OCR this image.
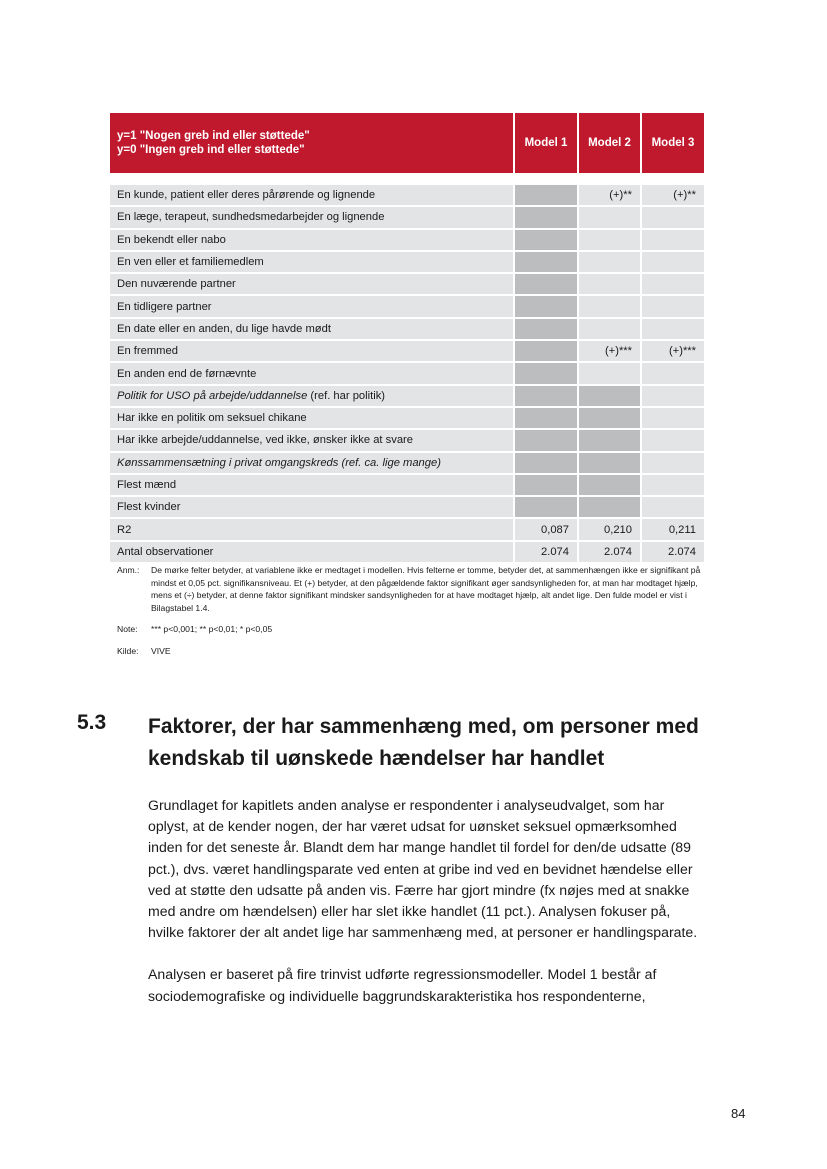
y=1 "Nogen greb ind eller støttede"
y=0 "Ingen greb ind eller støttede"	Model 1	Model 2	Model 3

En kunde, patient eller deres pårørende og lignende		(+)**	(+)**
En læge, terapeut, sundhedsmedarbejder og lignende			
En bekendt eller nabo			
En ven eller et familiemedlem			
Den nuværende partner			
En tidligere partner			
En date eller en anden, du lige havde mødt			
En fremmed		(+)***	(+)***
En anden end de førnævnte			
Politik for USO på arbejde/uddannelse (ref. har politik)			
Har ikke en politik om seksuel chikane			
Har ikke arbejde/uddannelse, ved ikke, ønsker ikke at svare			
Kønssammensætning i privat omgangskreds (ref. ca. lige mange)			
Flest mænd			
Flest kvinder			
R2	0,087	0,210	0,211
Antal observationer	2.074	2.074	2.074
Anm.:	De mørke felter betyder, at variablene ikke er medtaget i modellen. Hvis felterne er tomme, betyder det, at sammenhængen ikke er signifikant på mindst et 0,05 pct. signifikansniveau. Et (+) betyder, at den pågældende faktor signifikant øger sandsynligheden for, at man har modtaget hjælp, mens et (÷) betyder, at denne faktor signifikant mindsker sandsynligheden for at have modtaget hjælp, alt andet lige. Den fulde model er vist i Bilagstabel 1.4.
Note:	*** p<0,001; ** p<0,01; * p<0,05
Kilde:	VIVE
5.3 Faktorer, der har sammenhæng med, om personer med kendskab til uønskede hændelser har handlet

Grundlaget for kapitlets anden analyse er respondenter i analyseudvalget, som har oplyst, at de kender nogen, der har været udsat for uønsket seksuel opmærksomhed inden for det seneste år. Blandt dem har mange handlet til fordel for den/de udsatte (89 pct.), dvs. været handlingsparate ved enten at gribe ind ved en bevidnet hændelse eller ved at støtte den udsatte på anden vis. Færre har gjort mindre (fx nøjes med at snakke med andre om hændelsen) eller har slet ikke handlet (11 pct.). Analysen fokuser på, hvilke faktorer der alt andet lige har sammenhæng med, at personer er handlingsparate.

Analysen er baseret på fire trinvist udførte regressionsmodeller. Model 1 består af sociodemografiske og individuelle baggrundskarakteristika hos respondenterne,

84
